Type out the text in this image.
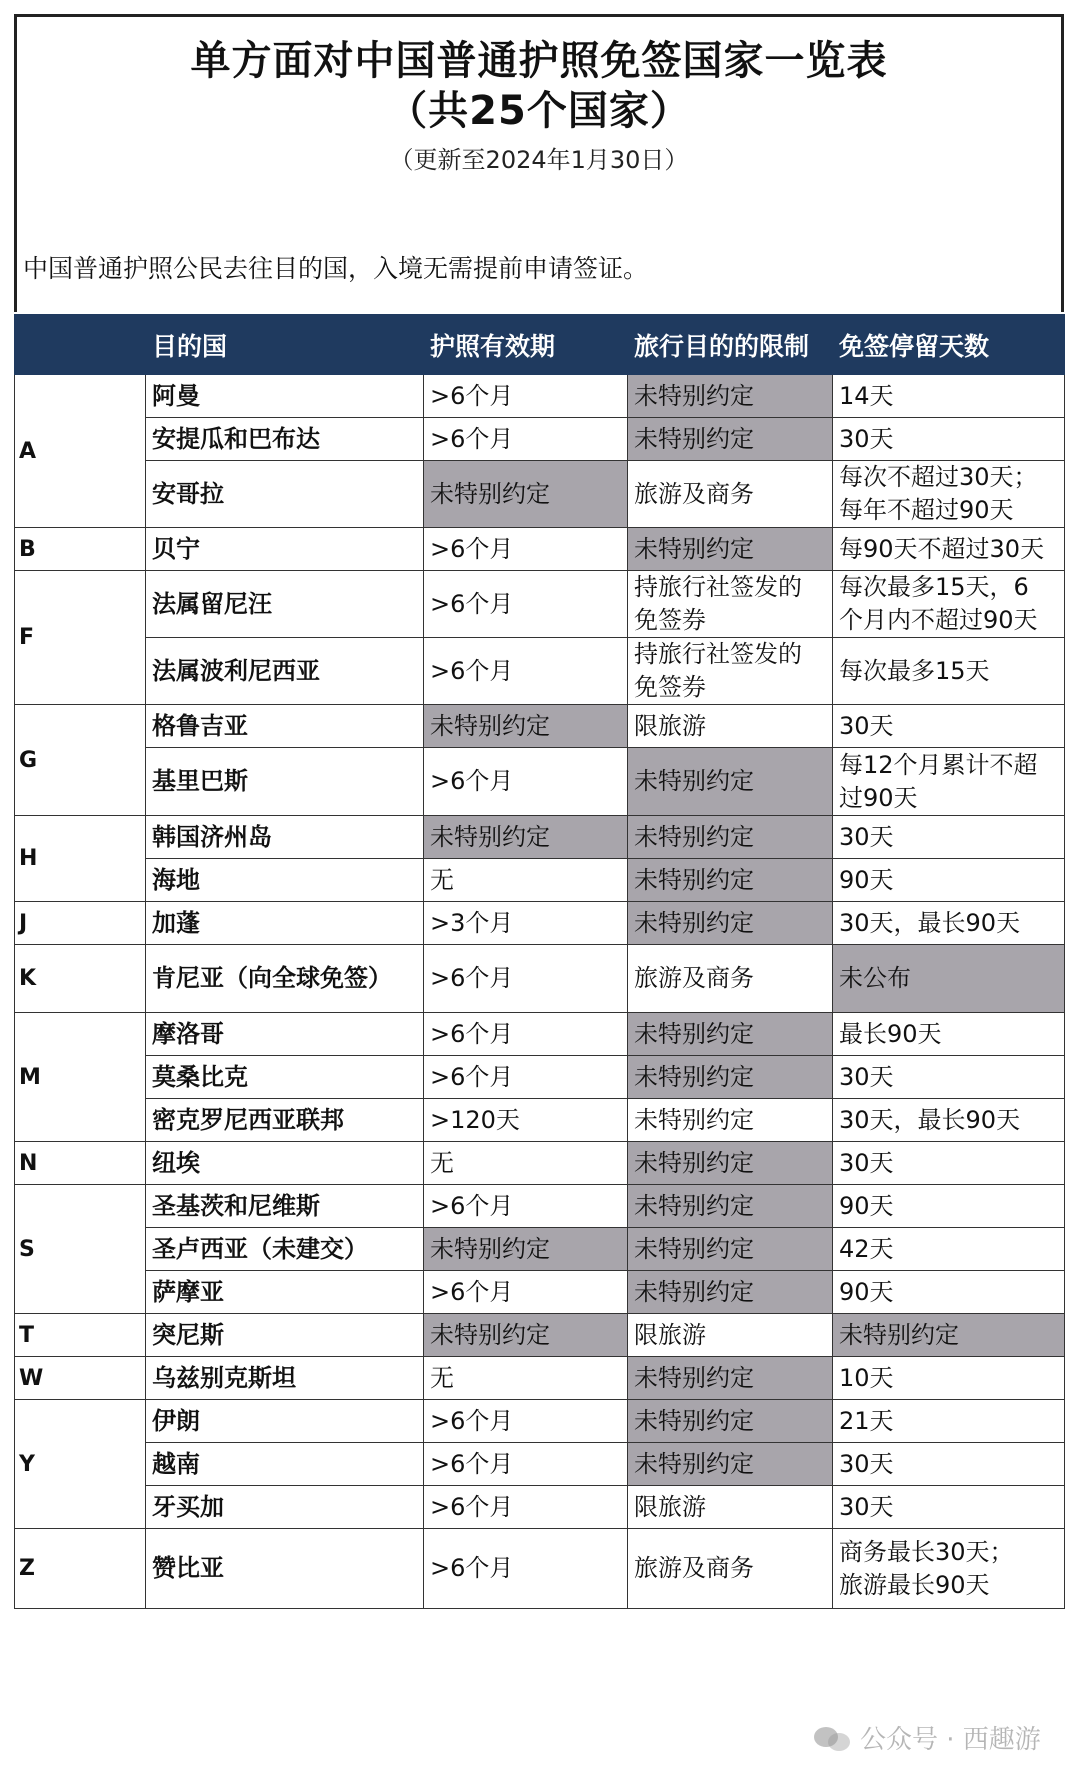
单方面对中国普通护照免签国家一览表
（共25个国家）
（更新至2024年1月30日）
中国普通护照公民去往目的国，入境无需提前申请签证。
	目的国	护照有效期	旅行目的的限制	免签停留天数
A	阿曼	>6个月	未特别约定	14天
	安提瓜和巴布达	>6个月	未特别约定	30天
	安哥拉	未特别约定	旅游及商务	每次不超过30天；
每年不超过90天
B	贝宁	>6个月	未特别约定	每90天不超过30天
F	法属留尼汪	>6个月	持旅行社签发的
免签券	每次最多15天，6
个月内不超过90天
	法属波利尼西亚	>6个月	持旅行社签发的
免签券	每次最多15天
G	格鲁吉亚	未特别约定	限旅游	30天
	基里巴斯	>6个月	未特别约定	每12个月累计不超
过90天
H	韩国济州岛	未特别约定	未特别约定	30天
	海地	无	未特别约定	90天
J	加蓬	>3个月	未特别约定	30天，最长90天
K	肯尼亚（向全球免签）	>6个月	旅游及商务	未公布
M	摩洛哥	>6个月	未特别约定	最长90天
	莫桑比克	>6个月	未特别约定	30天
	密克罗尼西亚联邦	>120天	未特别约定	30天，最长90天
N	纽埃	无	未特别约定	30天
S	圣基茨和尼维斯	>6个月	未特别约定	90天
	圣卢西亚（未建交）	未特别约定	未特别约定	42天
	萨摩亚	>6个月	未特别约定	90天
T	突尼斯	未特别约定	限旅游	未特别约定
W	乌兹别克斯坦	无	未特别约定	10天
Y	伊朗	>6个月	未特别约定	21天
	越南	>6个月	未特别约定	30天
	牙买加	>6个月	限旅游	30天
Z	赞比亚	>6个月	旅游及商务	商务最长30天；
旅游最长90天
公众号 · 西趣游
